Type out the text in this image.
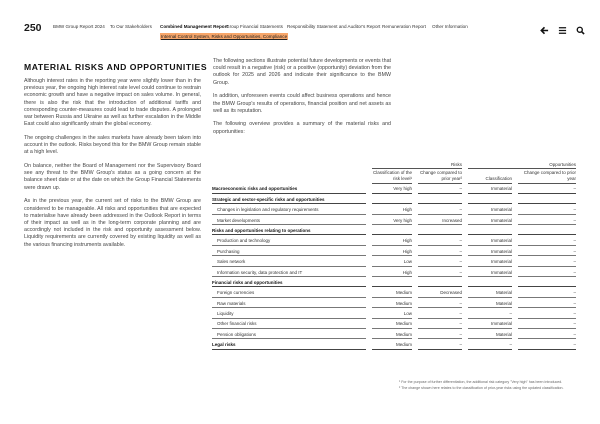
250 BMW Group Report 2024 To Our Stakeholders Combined Management Report
Group Financial Statements Responsibility Statement and Auditor's Report Remuneration Report Other Information
Internal Control System, Risks and Opportunities, Compliance
MATERIAL RISKS AND OPPORTUNITIES

Although interest rates in the reporting year were slightly lower than in the previous year, the ongoing high interest rate level could continue to restrain economic growth and have a negative impact on sales volume. In general, there is also the risk that the introduction of additional tariffs and corresponding counter-measures could lead to trade disputes. A prolonged war between Russia and Ukraine as well as further escalation in the Middle East could also significantly strain the global economy.

The ongoing challenges in the sales markets have already been taken into account in the outlook. Risks beyond this for the BMW Group remain stable at a high level.

On balance, neither the Board of Management nor the Supervisory Board see any threat to the BMW Group's status as a going concern at the balance sheet date or at the date on which the Group Financial Statements were drawn up.

As in the previous year, the current set of risks to the BMW Group are considered to be manageable. All risks and opportunities that are expected to materialise have already been addressed in the Outlook Report in terms of their impact as well as in the long-term corporate planning and are accordingly not included in the risk and opportunity assessment below. Liquidity requirements are currently covered by existing liquidity as well as the various financing instruments available.

The following sections illustrate potential future developments or events that could result in a negative (risk) or a positive (opportunity) deviation from the outlook for 2025 and 2026 and indicate their significance to the BMW Group.

In addition, unforeseen events could affect business operations and hence the BMW Group's results of operations, financial position and net assets as well as its reputation.

The following overview provides a summary of the material risks and opportunities:

		Risks				Opportunities		
		Classification of the risk level¹		Change compared to prior year²		Classification		Change compared to prior year
Macroeconomic risks and opportunities		Very high		–		Immaterial		–
Strategic and sector-specific risks and opportunities								
Changes in legislation and regulatory requirements		High		–		Immaterial		–
Market developments		Very high		Increased		Immaterial		–
Risks and opportunities relating to operations								
Production and technology		High		–		Immaterial		–
Purchasing		High		–		Immaterial		–
Sales network		Low		–		Immaterial		–
Information security, data protection and IT		High		–		Immaterial		–
Financial risks and opportunities								
Foreign currencies		Medium		Decreased		Material		–
Raw materials		Medium		–		Material		–
Liquidity		Low		–		–		–
Other financial risks		Medium		–		Immaterial		–
Pension obligations		Medium		–		Material		–
Legal risks		Medium		–		–		–

¹ For the purpose of further differentiation, the additional risk category "Very high" has been introduced.

² The change shown here relates to the classification of prior-year risks using the updated classification.
